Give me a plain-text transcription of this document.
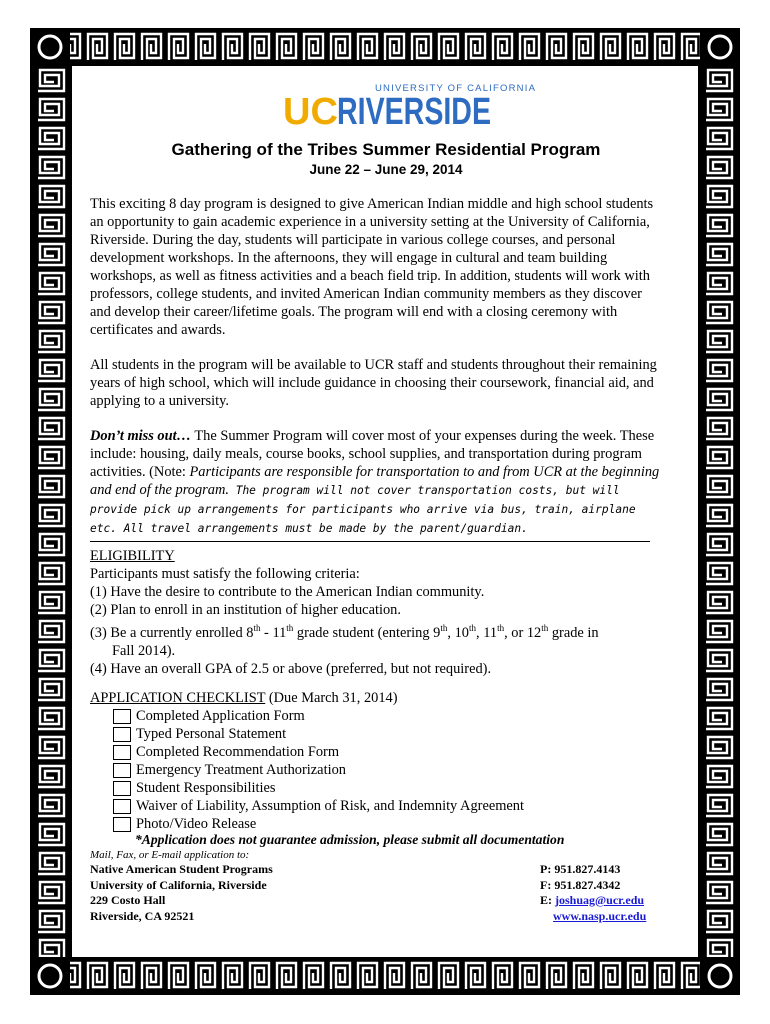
UNIVERSITY OF CALIFORNIA
UC RIVERSIDE
Gathering of the Tribes Summer Residential Program
June 22 – June 29, 2014

This exciting 8 day program is designed to give American Indian middle and high school students an opportunity to gain academic experience in a university setting at the University of California, Riverside. During the day, students will participate in various college courses, and personal development workshops. In the afternoons, they will engage in cultural and team building workshops, as well as fitness activities and a beach field trip. In addition, students will work with professors, college students, and invited American Indian community members as they discover and develop their career/lifetime goals. The program will end with a closing ceremony with certificates and awards.

All students in the program will be available to UCR staff and students throughout their remaining years of high school, which will include guidance in choosing their coursework, financial aid, and applying to a university.

Don’t miss out… The Summer Program will cover most of your expenses during the week. These include: housing, daily meals, course books, school supplies, and transportation during program activities. (Note: Participants are responsible for transportation to and from UCR at the beginning and end of the program. The program will not cover transportation costs, but will provide pick up arrangements for participants who arrive via bus, train, airplane etc. All travel arrangements must be made by the parent/guardian.

ELIGIBILITY
Participants must satisfy the following criteria:
(1) Have the desire to contribute to the American Indian community.
(2) Plan to enroll in an institution of higher education.
(3) Be a currently enrolled 8th - 11th grade student (entering 9th, 10th, 11th, or 12th grade in
Fall 2014).
(4) Have an overall GPA of 2.5 or above (preferred, but not required).
APPLICATION CHECKLIST (Due March 31, 2014)
Completed Application Form
Typed Personal Statement
Completed Recommendation Form
Emergency Treatment Authorization
Student Responsibilities
Waiver of Liability, Assumption of Risk, and Indemnity Agreement
Photo/Video Release
*Application does not guarantee admission, please submit all documentation
Mail, Fax, or E-mail application to:
Native American Student Programs
University of California, Riverside
229 Costo Hall
Riverside, CA 92521
P: 951.827.4143
F: 951.827.4342
E: joshuag@ucr.edu
www.nasp.ucr.edu
